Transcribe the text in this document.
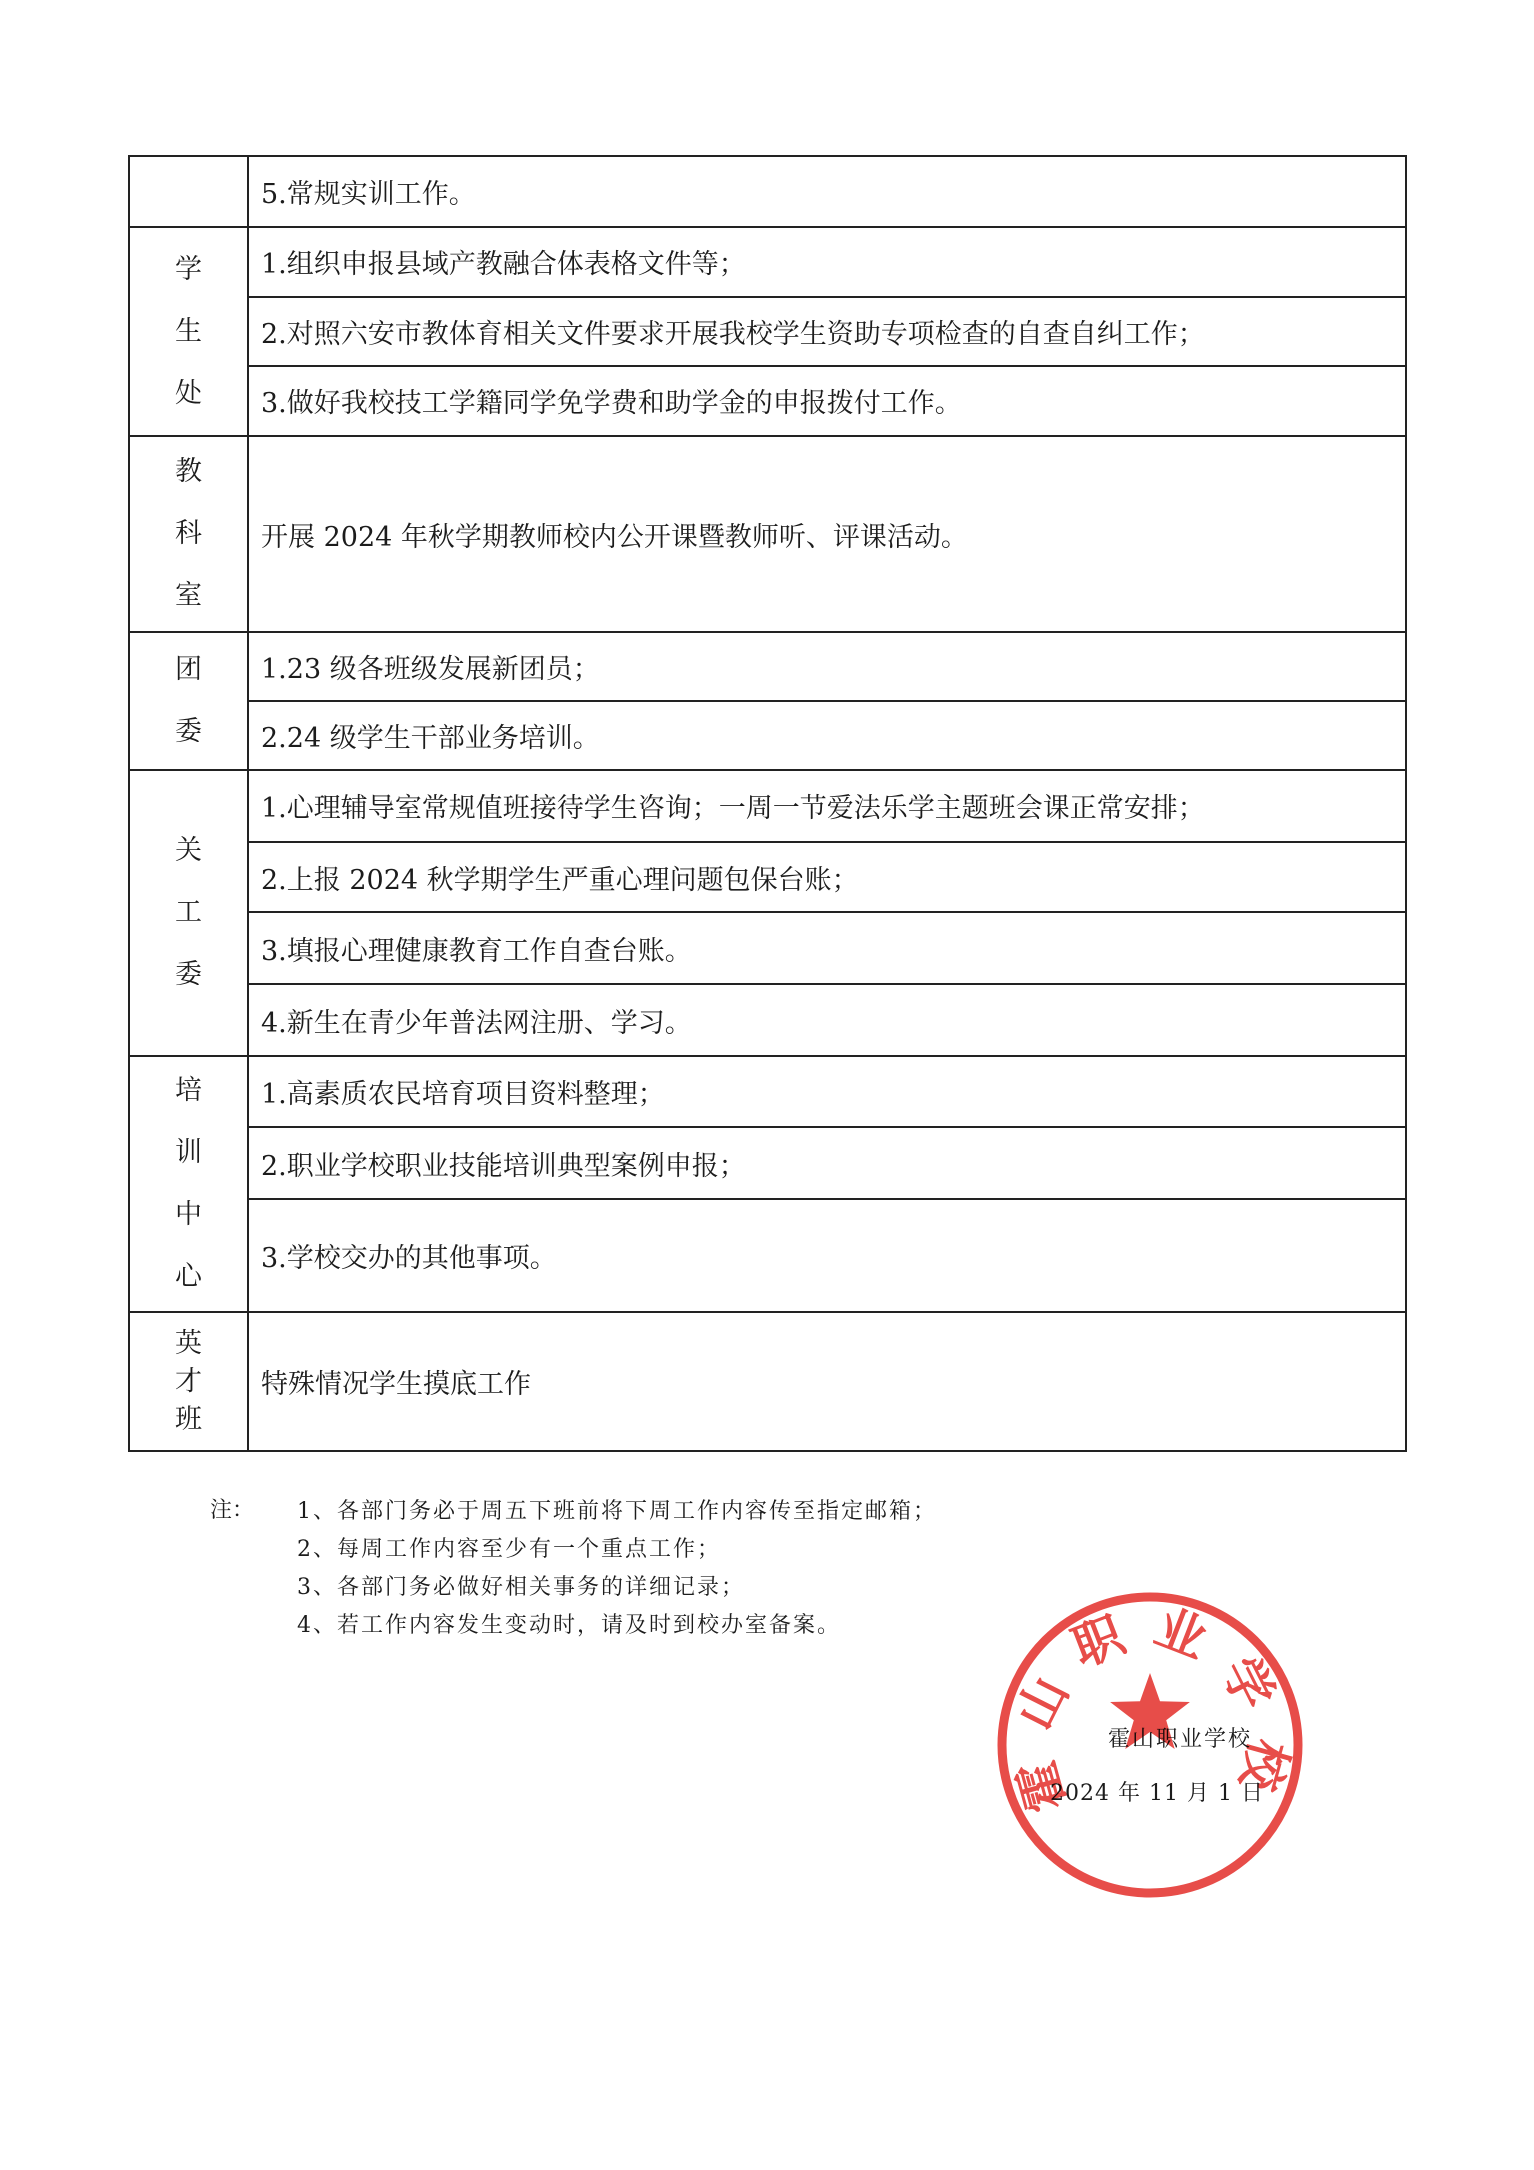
5.常规实训工作。
学生处
1.组织申报县域产教融合体表格文件等；
2.对照六安市教体育相关文件要求开展我校学生资助专项检查的自查自纠工作；
3.做好我校技工学籍同学免学费和助学金的申报拨付工作。
教科室
开展 2024 年秋学期教师校内公开课暨教师听、评课活动。
团委
1.23 级各班级发展新团员；
2.24 级学生干部业务培训。
关工委
1.心理辅导室常规值班接待学生咨询；一周一节爱法乐学主题班会课正常安排；
2.上报 2024 秋学期学生严重心理问题包保台账；
3.填报心理健康教育工作自查台账。
4.新生在青少年普法网注册、学习。
培训中心
1.高素质农民培育项目资料整理；
2.职业学校职业技能培训典型案例申报；
3.学校交办的其他事项。
英才班
特殊情况学生摸底工作
注： 1、各部门务必于周五下班前将下周工作内容传至指定邮箱；
2、每周工作内容至少有一个重点工作；
3、各部门务必做好相关事务的详细记录；
4、若工作内容发生变动时，请及时到校办室备案。
霍山职业学校
2024 年 11 月 1 日
霍山职业学校
